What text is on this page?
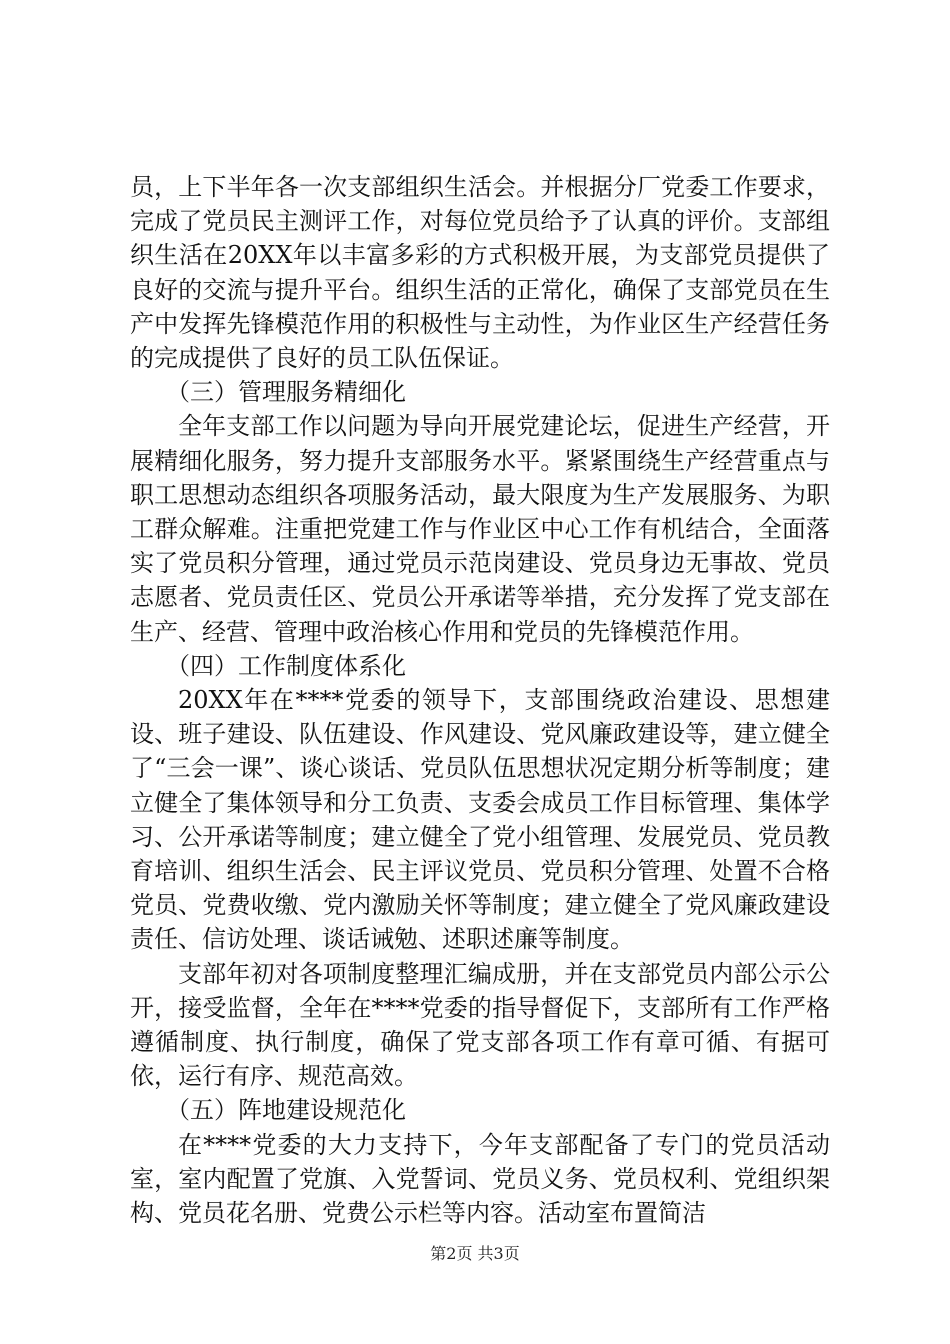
员，上下半年各一次支部组织生活会。并根据分厂党委工作要求，完成了党员民主测评工作，对每位党员给予了认真的评价。支部组织生活在20XX年以丰富多彩的方式积极开展，为支部党员提供了良好的交流与提升平台。组织生活的正常化，确保了支部党员在生产中发挥先锋模范作用的积极性与主动性，为作业区生产经营任务的完成提供了良好的员工队伍保证。

（三）管理服务精细化

全年支部工作以问题为导向开展党建论坛，促进生产经营，开展精细化服务，努力提升支部服务水平。紧紧围绕生产经营重点与职工思想动态组织各项服务活动，最大限度为生产发展服务、为职工群众解难。注重把党建工作与作业区中心工作有机结合，全面落实了党员积分管理，通过党员示范岗建设、党员身边无事故、党员志愿者、党员责任区、党员公开承诺等举措，充分发挥了党支部在生产、经营、管理中政治核心作用和党员的先锋模范作用。

（四）工作制度体系化

20XX年在****党委的领导下，支部围绕政治建设、思想建设、班子建设、队伍建设、作风建设、党风廉政建设等，建立健全了“三会一课”、谈心谈话、党员队伍思想状况定期分析等制度；建立健全了集体领导和分工负责、支委会成员工作目标管理、集体学习、公开承诺等制度；建立健全了党小组管理、发展党员、党员教育培训、组织生活会、民主评议党员、党员积分管理、处置不合格党员、党费收缴、党内激励关怀等制度；建立健全了党风廉政建设责任、信访处理、谈话诫勉、述职述廉等制度。

支部年初对各项制度整理汇编成册，并在支部党员内部公示公开，接受监督，全年在****党委的指导督促下，支部所有工作严格遵循制度、执行制度，确保了党支部各项工作有章可循、有据可依，运行有序、规范高效。

（五）阵地建设规范化

在****党委的大力支持下，今年支部配备了专门的党员活动室，室内配置了党旗、入党誓词、党员义务、党员权利、党组织架构、党员花名册、党费公示栏等内容。活动室布置简洁

第2页 共3页
